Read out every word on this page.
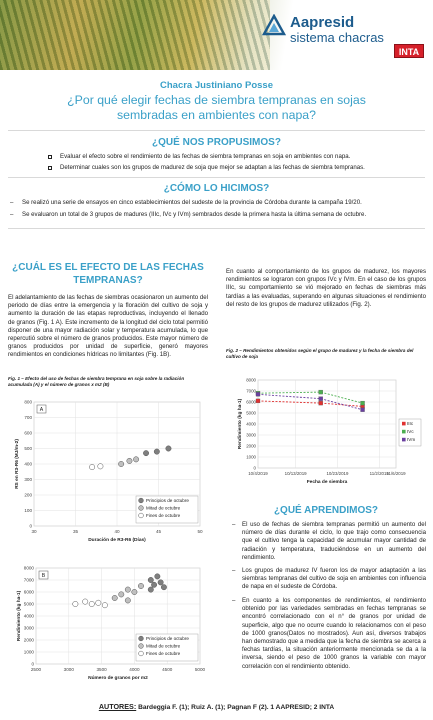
Aapresid
sistema chacras
INTA
Chacra Justiniano Posse
¿Por qué elegir fechas de siembra tempranas en sojas
sembradas en ambientes con napa?
¿QUÉ NOS PROPUSIMOS?
Evaluar el efecto sobre el rendimiento de las fechas de siembra tempranas en soja en ambientes con napa.
Determinar cuales son los grupos de madurez de soja que mejor se adaptan a las fechas de siembra tempranas.
¿CÓMO LO HICIMOS?
–	Se realizó una serie de ensayos en cinco establecimientos del sudeste de la provincia de Córdoba durante la campaña 19/20.
–	Se evaluaron un total de 3 grupos de madures (IIIc, IVc y IVm) sembrados desde la primera hasta la última semana de octubre.
¿CUÁL ES EL EFECTO DE LAS FECHAS
TEMPRANAS?
El adelantamiento de las fechas de siembras ocasionaron un aumento del periodo de días entre la emergencia y la floración del cultivo de soja y aumento la duración de las etapas reproductivas, incluyendo el llenado de granos (Fig. 1 A). Este incremento de la longitud del ciclo total permitió disponer de una mayor radiación solar y temperatura acumulada, lo que repercutió sobre el número de granos producidos. Este mayor número de granos producidos por unidad de superficie, generó mayores rendimientos en condiciones hídricas no limitantes (Fig. 1B).
Fig. 1 – Efecto del uso de fechas de siembra temprana en soja sobre la radiación acumulada (A) y el número de granos x m2 (B)
0
100
200
300
400
500
600
700
800
30	35	40	45	50
Duración de R3-R6 (Días)
RS en R3-R6 (MJ/m-2)
A
Principios de octubre
Mitad de octubre
Fines de octubre
0
1000
2000
3000
4000
5000
6000
7000
8000
2500	3000	3500	4000	4500	5000
Número de granos por m2
Rendimiento (kg ha-1)
B
Principios de octubre
Mitad de octubre
Fines de octubre
En cuanto al comportamiento de los grupos de madurez, los mayores rendimientos se lograron con grupos IVc y IVm. En el caso de los grupos IIIc, su comportamiento se vió mejorado en fechas de siembras más tardías a las evaluadas, superando en algunas situaciones el rendimiento del resto de los grupos de madurez utilizados (Fig. 2).
Fig. 2 – Rendimientos obtenidos según el grupo de madurez y la fecha de siembra del cultivo de soja
0
1000
2000
3000
4000
5000
6000
7000
8000
10/4/2019	10/13/2019	10/23/2019	11/2/2019
11/6/2019
Fecha de siembra
Rendimiento (kg ha-1)	IIIc
IVc
IVm
¿QUÉ APRENDIMOS?
–	El uso de fechas de siembra tempranas permitió un aumento del número de días durante el ciclo, lo que trajo como consecuencia que el cultivo tenga la capacidad de acumular mayor cantidad de radiación y temperatura, traduciéndose en un aumento del rendimiento.
–	Los grupos de madurez IV fueron los de mayor adaptación a las siembras tempranas del cultivo de soja en ambientes con influencia de napa en el sudeste de Córdoba.
–	En cuanto a los componentes de rendimientos, el rendimiento obtenido por las variedades sembradas en fechas tempranas se encontró correlacionado con el n° de granos por unidad de superficie, algo que no ocurre cuando lo relacionamos con el peso de 1000 granos(Datos no mostrados). Aun así, diversos trabajos han demostrado que a medida que la fecha de siembra se acerca a fechas tardías, la situación anteriormente mencionada se da a la inversa, siendo el peso de 1000 granos la variable con mayor correlación con el rendimiento obtenido.
AUTORES: Bardeggia F. (1); Ruiz A. (1); Pagnan F (2). 1 AAPRESID; 2 INTA
